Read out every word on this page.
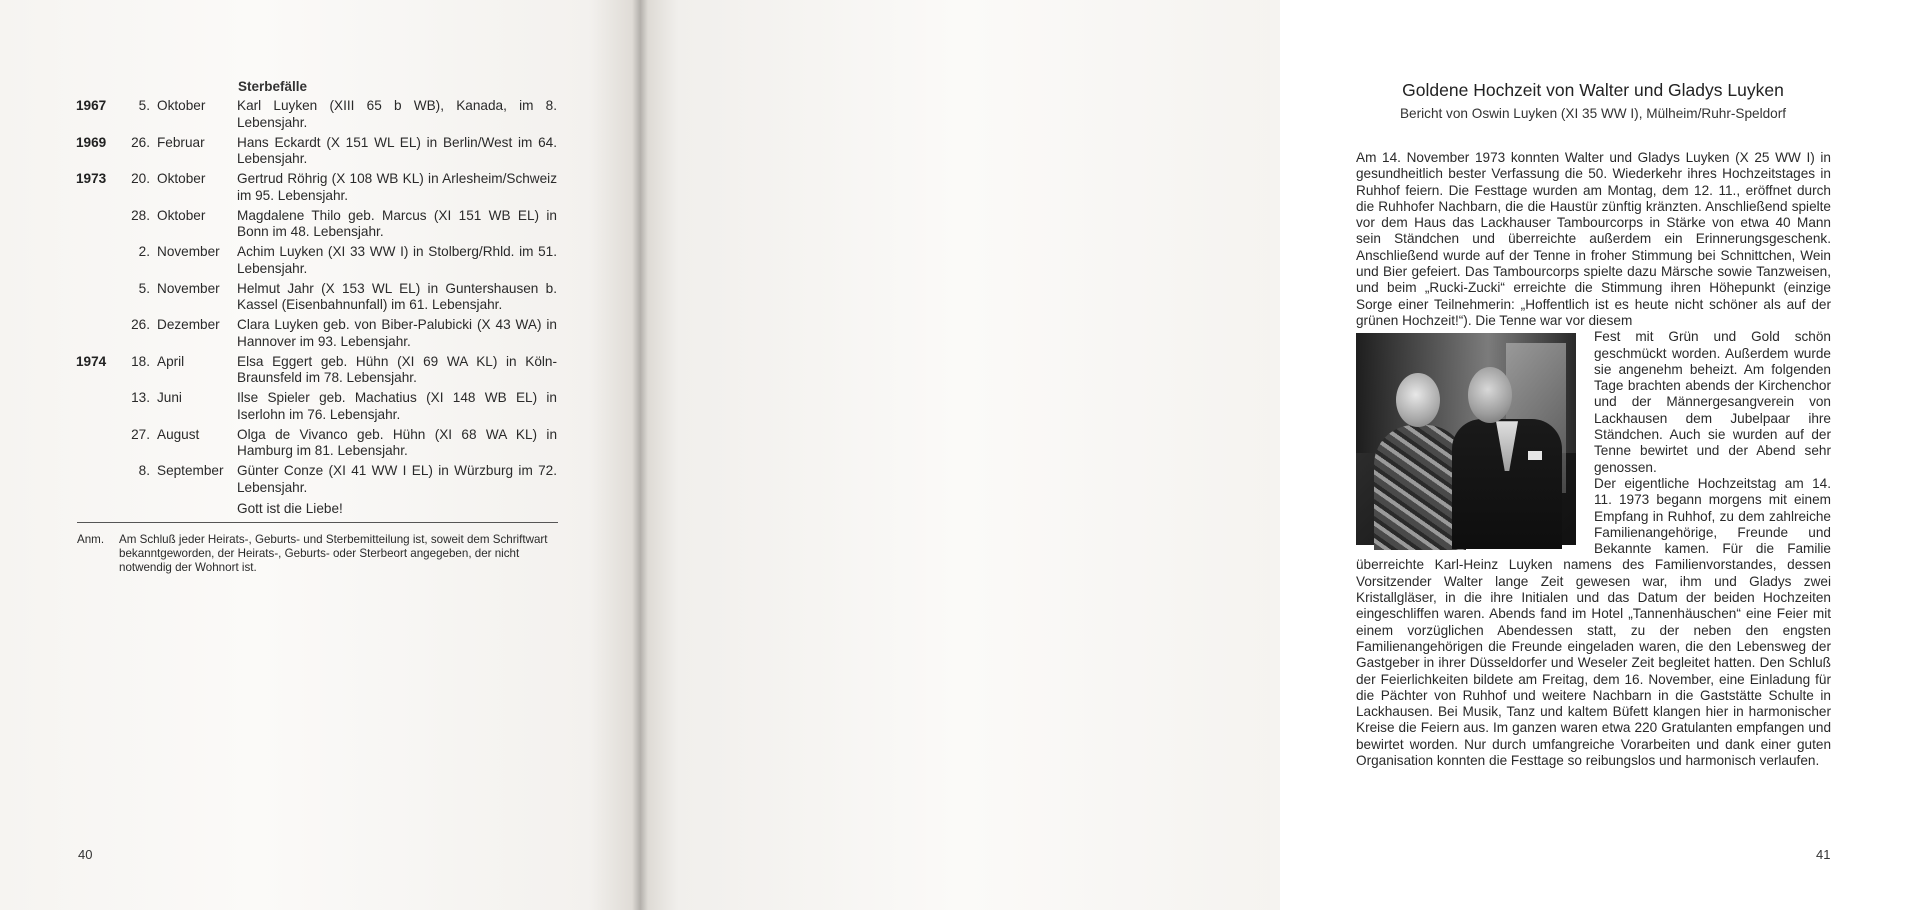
Sterbefälle
1967	5. Oktober	Karl Luyken (XIII 65 b WB), Kanada, im 8. Lebensjahr.
1969	26. Februar	Hans Eckardt (X 151 WL EL) in Berlin/West im 64. Lebensjahr.
1973	20. Oktober	Gertrud Röhrig (X 108 WB KL) in Arlesheim/Schweiz im 95. Lebensjahr.
28. Oktober	Magdalene Thilo geb. Marcus (XI 151 WB EL) in Bonn im 48. Lebensjahr.
2. November	Achim Luyken (XI 33 WW I) in Stolberg/Rhld. im 51. Lebensjahr.
5. November	Helmut Jahr (X 153 WL EL) in Guntershausen b. Kassel (Eisenbahnunfall) im 61. Lebensjahr.
26. Dezember	Clara Luyken geb. von Biber-Palubicki (X 43 WA) in Hannover im 93. Lebensjahr.
1974	18. April	Elsa Eggert geb. Hühn (XI 69 WA KL) in Köln-Braunsfeld im 78. Lebensjahr.
13. Juni	Ilse Spieler geb. Machatius (XI 148 WB EL) in Iserlohn im 76. Lebensjahr.
27. August	Olga de Vivanco geb. Hühn (XI 68 WA KL) in Hamburg im 81. Lebensjahr.
8. September Günter Conze (XI 41 WW I EL) in Würzburg im 72. Lebensjahr.
Gott ist die Liebe!
Anm.	Am Schluß jeder Heirats-, Geburts- und Sterbemitteilung ist, soweit dem Schriftwart bekanntgeworden, der Heirats-, Geburts- oder Sterbeort angegeben, der nicht notwendig der Wohnort ist.
40
Goldene Hochzeit von Walter und Gladys Luyken
Bericht von Oswin Luyken (XI 35 WW I), Mülheim/Ruhr-Speldorf

Am 14. November 1973 konnten Walter und Gladys Luyken (X 25 WW I) in gesundheitlich bester Verfassung die 50. Wiederkehr ihres Hochzeitstages in Ruhhof feiern. Die Festtage wurden am Montag, dem 12. 11., eröffnet durch die Ruhhofer Nachbarn, die die Haustür zünftig kränzten. Anschließend spielte vor dem Haus das Lackhauser Tambourcorps in Stärke von etwa 40 Mann sein Ständchen und überreichte außerdem ein Erinnerungsgeschenk. Anschließend wurde auf der Tenne in froher Stimmung bei Schnittchen, Wein und Bier gefeiert. Das Tambourcorps spielte dazu Märsche sowie Tanzweisen, und beim „Rucki-Zucki“ erreichte die Stimmung ihren Höhepunkt (einzige Sorge einer Teilnehmerin: „Hoffentlich ist es heute nicht schöner als auf der grünen Hochzeit!“). Die Tenne war vor diesem

Fest mit Grün und Gold schön geschmückt worden. Außerdem wurde sie angenehm beheizt. Am folgenden Tage brachten abends der Kirchenchor und der Männergesangverein von Lackhausen dem Jubelpaar ihre Ständchen. Auch sie wurden auf der Tenne bewirtet und der Abend sehr genossen.

Der eigentliche Hochzeitstag am 14. 11. 1973 begann morgens mit einem Empfang in Ruhhof, zu dem zahlreiche Familienangehörige, Freunde und Bekannte kamen. Für die Familie überreichte Karl-Heinz Luyken namens des Familienvorstandes, dessen Vorsitzender Walter lange Zeit gewesen war, ihm und Gladys zwei Kristallgläser, in die ihre Initialen und das Datum der beiden Hochzeiten eingeschliffen waren. Abends fand im Hotel „Tannenhäuschen“ eine Feier mit einem vorzüglichen Abendessen statt, zu der neben den engsten Familienangehörigen die Freunde eingeladen waren, die den Lebensweg der Gastgeber in ihrer Düsseldorfer und Weseler Zeit begleitet hatten. Den Schluß der Feierlichkeiten bildete am Freitag, dem 16. November, eine Einladung für die Pächter von Ruhhof und weitere Nachbarn in die Gaststätte Schulte in Lackhausen. Bei Musik, Tanz und kaltem Büfett klangen hier in harmonischer Kreise die Feiern aus. Im ganzen waren etwa 220 Gratulanten empfangen und bewirtet worden. Nur durch umfangreiche Vorarbeiten und dank einer guten Organisation konnten die Festtage so reibungslos und harmonisch verlaufen.

41
